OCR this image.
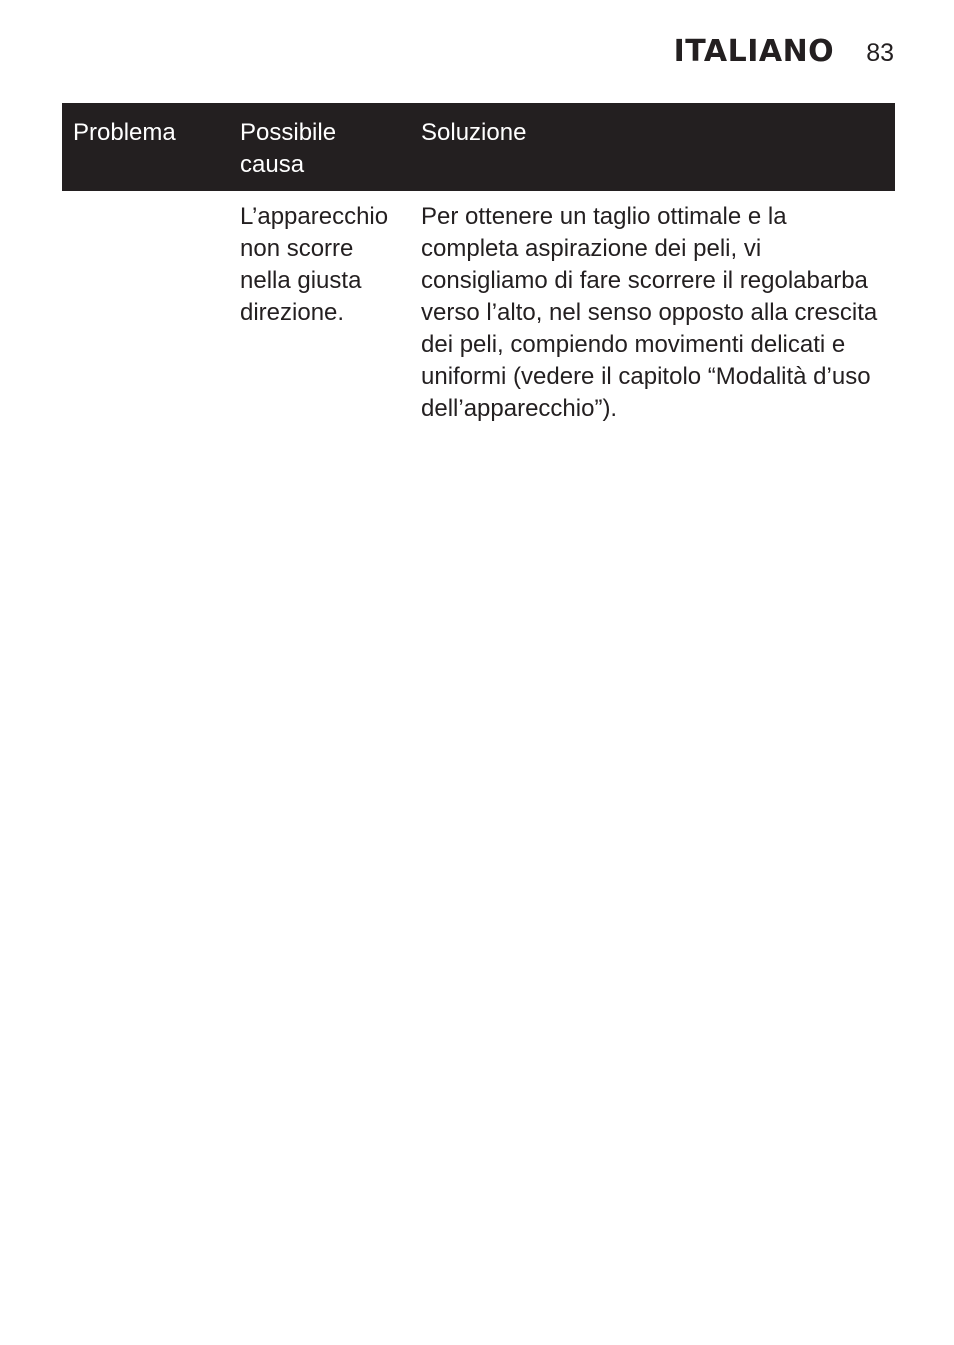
ITALIANO 83
Problema	Possibile causa	Soluzione
	L’apparecchio non scorre nella giusta direzione.	Per ottenere un taglio ottimale e la completa aspirazione dei peli, vi consigliamo di fare scorrere il regolabarba verso l’alto, nel senso opposto alla crescita dei peli, compiendo movimenti delicati e uniformi (vedere il capitolo “Modalità d’uso dell’apparecchio”).
